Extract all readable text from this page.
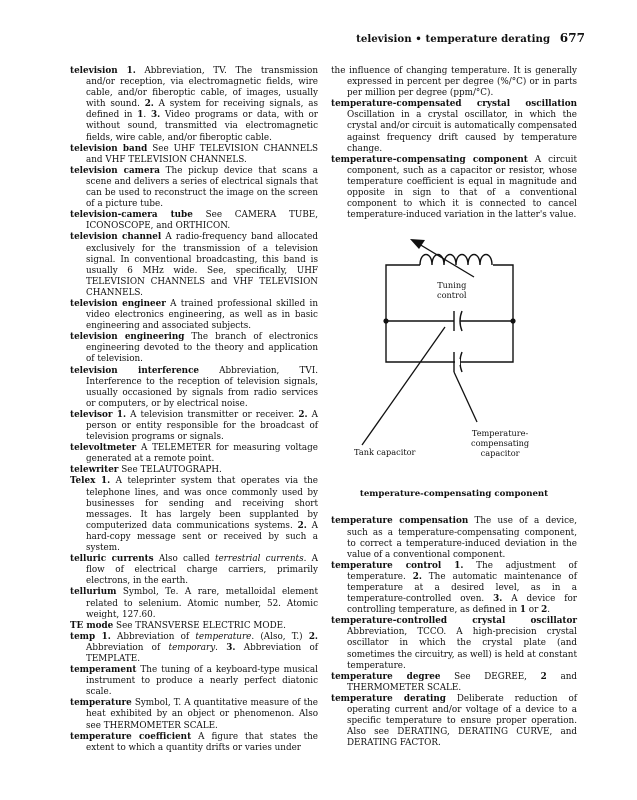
television • temperature derating 677

television 1. Abbreviation, TV. The transmission and/or reception, via electromagnetic fields, wire cable, and/or fiberoptic cable, of images, usually with sound. 2. A system for receiving signals, as defined in 1. 3. Video programs or data, with or without sound, transmitted via electromagnetic fields, wire cable, and/or fiberoptic cable.

television band See UHF TELEVISION CHANNELS and VHF TELEVISION CHANNELS.

television camera The pickup device that scans a scene and delivers a series of electrical signals that can be used to reconstruct the image on the screen of a picture tube.

television-camera tube See CAMERA TUBE, ICONOSCOPE, and ORTHICON.

television channel A radio-frequency band allocated exclusively for the transmission of a television signal. In conventional broadcasting, this band is usually 6 MHz wide. See, specifically, UHF TELEVISION CHANNELS and VHF TELEVISION CHANNELS.

television engineer A trained professional skilled in video electronics engineering, as well as in basic engineering and associated subjects.

television engineering The branch of electronics engineering devoted to the theory and application of television.

television interference Abbreviation, TVI. Interference to the reception of television signals, usually occasioned by signals from radio services or computers, or by electrical noise.

televisor 1. A television transmitter or receiver. 2. A person or entity responsible for the broadcast of television programs or signals.

televoltmeter A TELEMETER for measuring voltage generated at a remote point.

telewriter See TELAUTOGRAPH.

Telex 1. A teleprinter system that operates via the telephone lines, and was once commonly used by businesses for sending and receiving short messages. It has largely been supplanted by computerized data communications systems. 2. A hard-copy message sent or received by such a system.

telluric currents Also called terrestrial currents. A flow of electrical charge carriers, primarily electrons, in the earth.

tellurium Symbol, Te. A rare, metalloidal element related to selenium. Atomic number, 52. Atomic weight, 127.60.

TE mode See TRANSVERSE ELECTRIC MODE.

temp 1. Abbreviation of temperature. (Also, T.) 2. Abbreviation of temporary. 3. Abbreviation of TEMPLATE.

temperament The tuning of a keyboard-type musical instrument to produce a nearly perfect diatonic scale.

temperature Symbol, T. A quantitative measure of the heat exhibited by an object or phenomenon. Also see THERMOMETER SCALE.

temperature coefficient A figure that states the extent to which a quantity drifts or varies under

the influence of changing temperature. It is generally expressed in percent per degree (%/°C) or in parts per million per degree (ppm/°C).

temperature-compensated crystal oscillation Oscillation in a crystal oscillator, in which the crystal and/or circuit is automatically compensated against frequency drift caused by temperature change.

temperature-compensating component A circuit component, such as a capacitor or resistor, whose temperature coefficient is equal in magnitude and opposite in sign to that of a conventional component to which it is connected to cancel temperature-induced variation in the latter's value.

Tuning
control
Temperature-
compensating
capacitor
Tank capacitor
temperature-compensating component

temperature compensation The use of a device, such as a temperature-compensating component, to correct a temperature-induced deviation in the value of a conventional component.

temperature control 1. The adjustment of temperature. 2. The automatic maintenance of temperature at a desired level, as in a temperature-controlled oven. 3. A device for controlling temperature, as defined in 1 or 2.

temperature-controlled crystal oscillator Abbreviation, TCCO. A high-precision crystal oscillator in which the crystal plate (and sometimes the circuitry, as well) is held at constant temperature.

temperature degree See DEGREE, 2 and THERMOMETER SCALE.

temperature derating Deliberate reduction of operating current and/or voltage of a device to a specific temperature to ensure proper operation. Also see DERATING, DERATING CURVE, and DERATING FACTOR.
